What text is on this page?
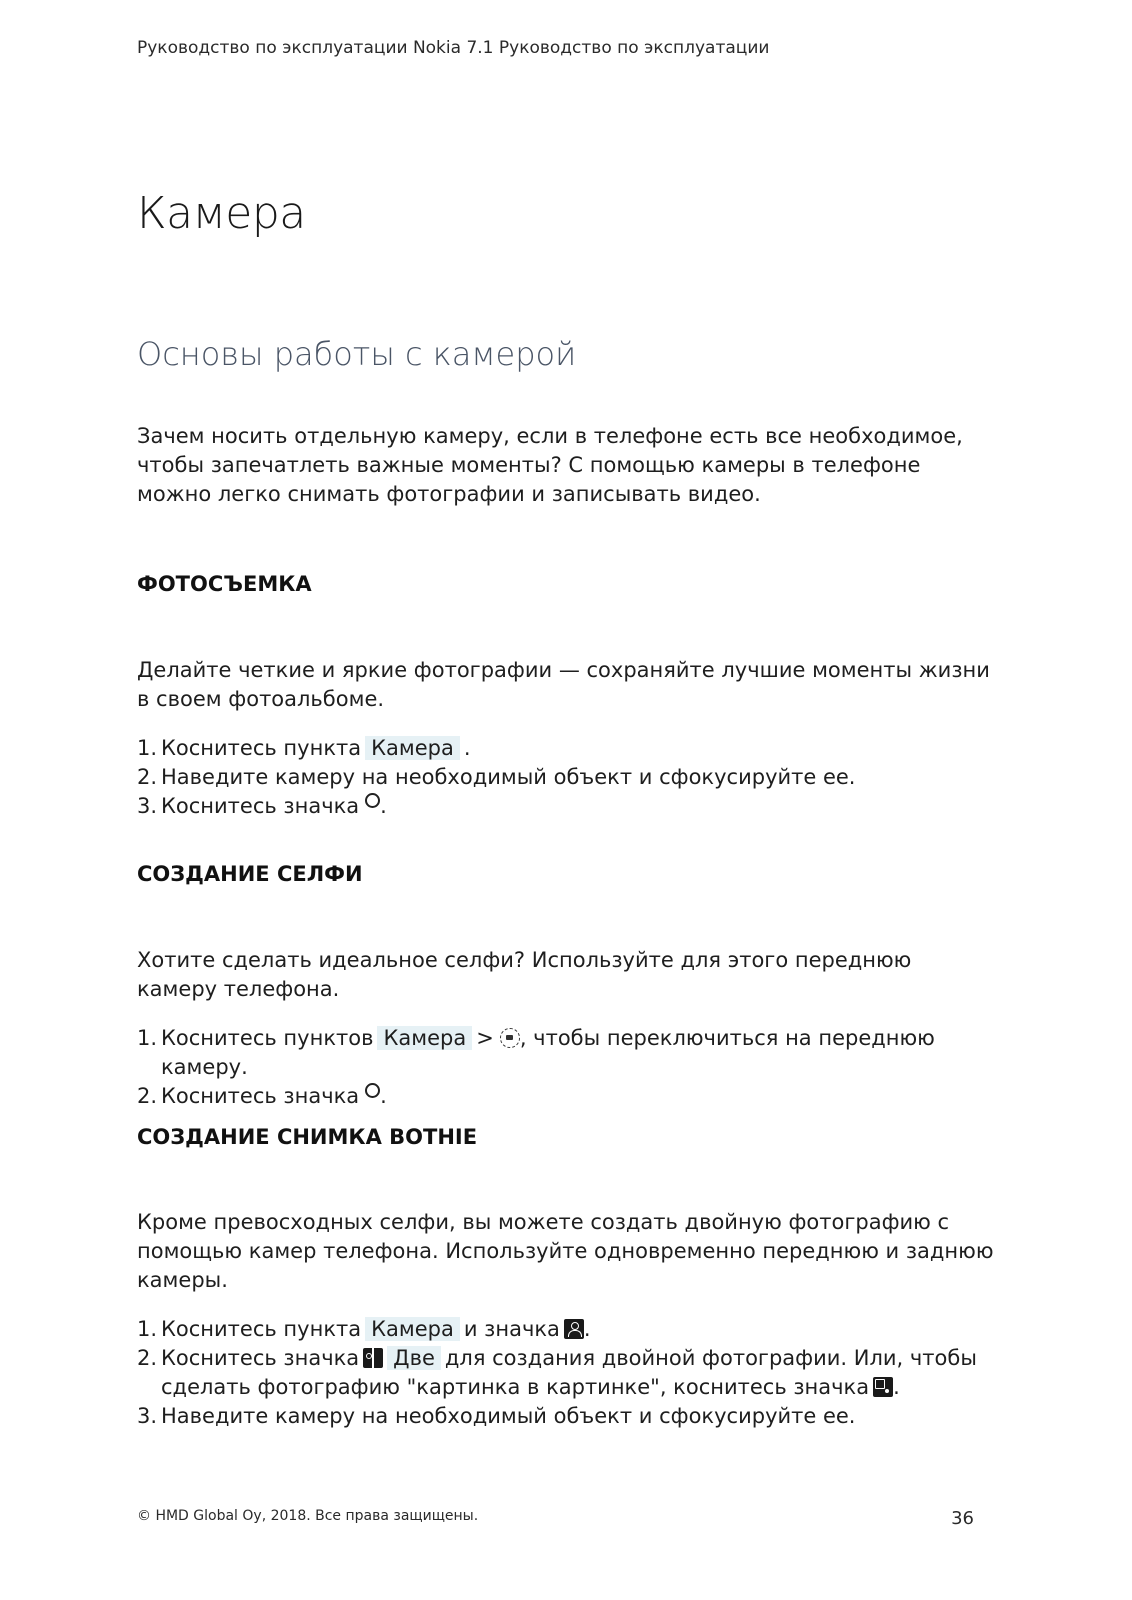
Руководство по эксплуатации Nokia 7.1 Руководство по эксплуатации
Камера
Основы работы с камерой

Зачем носить отдельную камеру, если в телефоне есть все необходимое, чтобы запечатлеть важные моменты? С помощью камеры в телефоне можно легко снимать фотографии и записывать видео.

ФОТОСЪЕМКА

Делайте четкие и яркие фотографии — сохраняйте лучшие моменты жизни в своем фотоальбоме.

1. Коснитесь пункта Камера .
2. Наведите камеру на необходимый объект и сфокусируйте ее.
3. Коснитесь значка .
СОЗДАНИЕ СЕЛФИ

Хотите сделать идеальное селфи? Используйте для этого переднюю камеру телефона.

1. Коснитесь пунктов Камера > , чтобы переключиться на переднюю камеру.
2. Коснитесь значка .
СОЗДАНИЕ СНИМКА BOTHIE

Кроме превосходных селфи, вы можете создать двойную фотографию с помощью камер телефона. Используйте одновременно переднюю и заднюю камеры.

1. Коснитесь пункта Камера и значка .
2. Коснитесь значка Две для создания двойной фотографии. Или, чтобы сделать фотографию "картинка в картинке", коснитесь значка .
3. Наведите камеру на необходимый объект и сфокусируйте ее.
© HMD Global Oy, 2018. Все права защищены.	36
